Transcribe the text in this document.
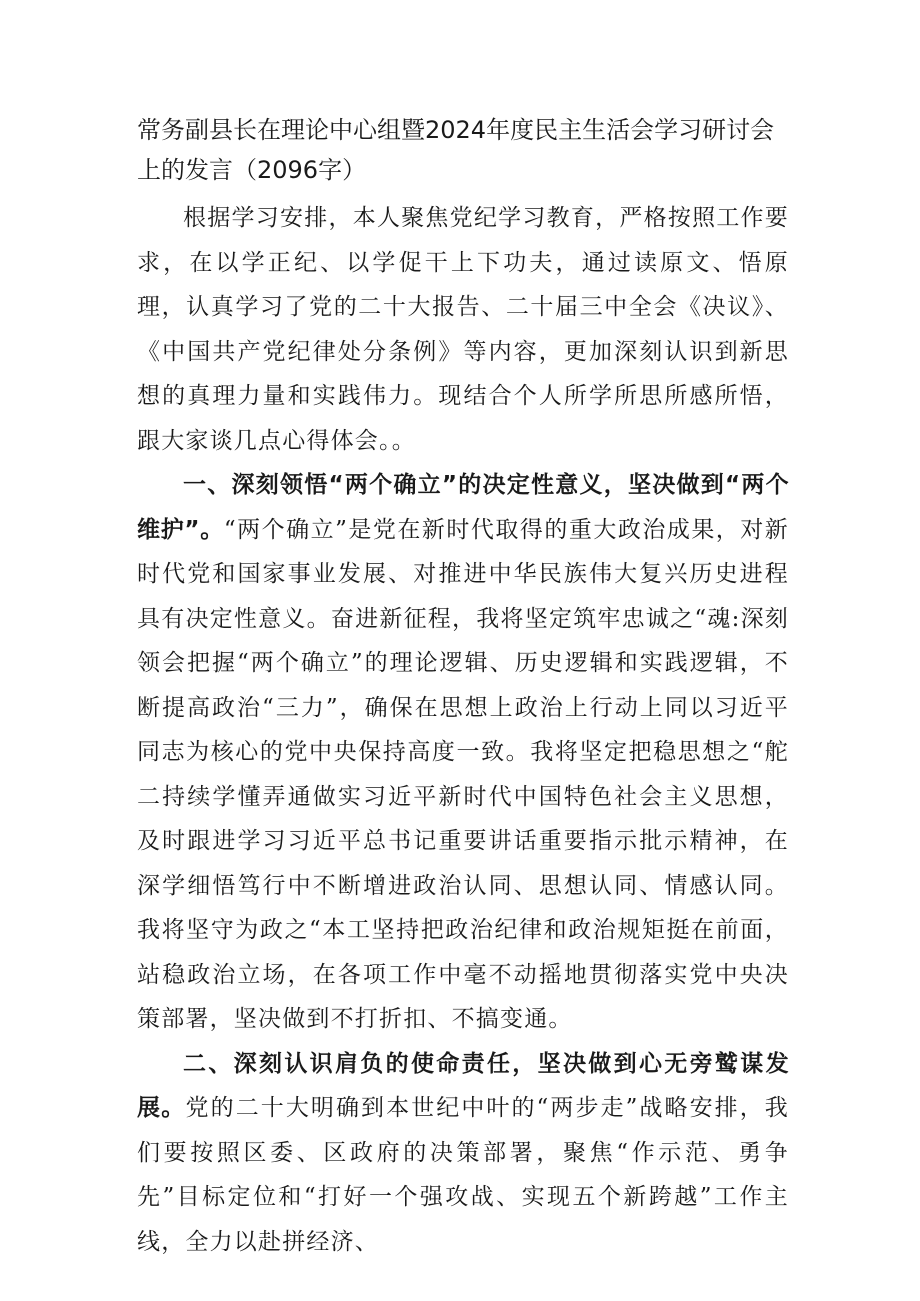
常务副县长在理论中心组暨2024年度民主生活会学习研讨会上的发言（2096字）

根据学习安排，本人聚焦党纪学习教育，严格按照工作要求，在以学正纪、以学促干上下功夫，通过读原文、悟原理，认真学习了党的二十大报告、二十届三中全会《决议》、《中国共产党纪律处分条例》等内容，更加深刻认识到新思想的真理力量和实践伟力。现结合个人所学所思所感所悟，跟大家谈几点心得体会。。

一、深刻领悟“两个确立”的决定性意义，坚决做到“两个维护”。“两个确立”是党在新时代取得的重大政治成果，对新时代党和国家事业发展、对推进中华民族伟大复兴历史进程具有决定性意义。奋进新征程，我将坚定筑牢忠诚之“魂:深刻领会把握“两个确立”的理论逻辑、历史逻辑和实践逻辑，不断提高政治“三力”，确保在思想上政治上行动上同以习近平同志为核心的党中央保持高度一致。我将坚定把稳思想之“舵二持续学懂弄通做实习近平新时代中国特色社会主义思想，及时跟进学习习近平总书记重要讲话重要指示批示精神，在深学细悟笃行中不断增进政治认同、思想认同、情感认同。我将坚守为政之“本工坚持把政治纪律和政治规矩挺在前面，站稳政治立场，在各项工作中毫不动摇地贯彻落实党中央决策部署，坚决做到不打折扣、不搞变通。

二、深刻认识肩负的使命责任，坚决做到心无旁鹫谋发展。党的二十大明确到本世纪中叶的“两步走”战略安排，我们要按照区委、区政府的决策部署，聚焦“作示范、勇争先”目标定位和“打好一个强攻战、实现五个新跨越”工作主线，全力以赴拼经济、
